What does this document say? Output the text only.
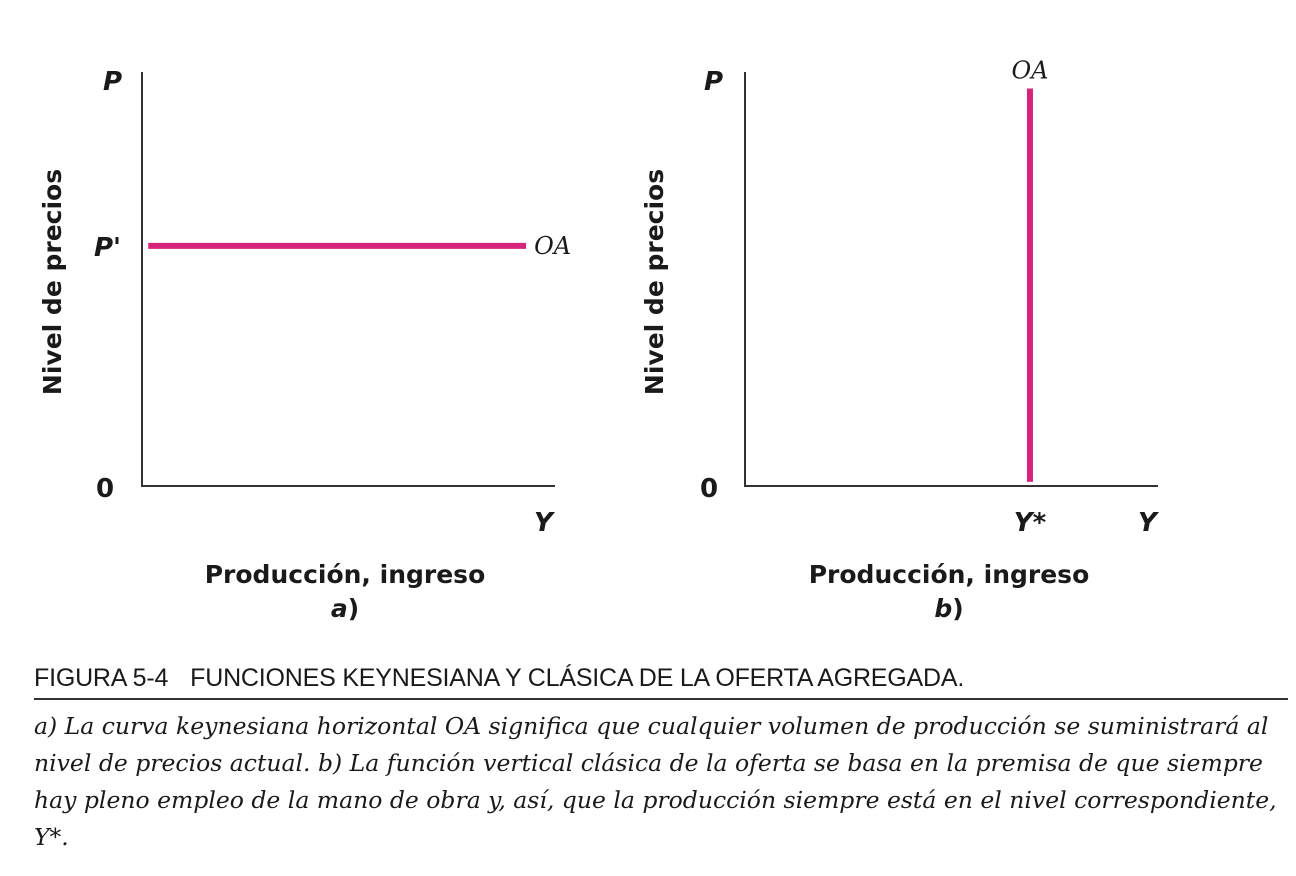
P
0
Y
Nivel de precios
Producción, ingreso
a)
P'	OA
P
0
Y
Nivel de precios
Producción, ingreso
b)
Y*
OA
FIGURA 5-4 FUNCIONES KEYNESIANA Y CLÁSICA DE LA OFERTA AGREGADA.
a) La curva keynesiana horizontal OA significa que cualquier volumen de producción se suministrará al nivel de precios actual. b) La función vertical clásica de la oferta se basa en la premisa de que siempre hay pleno empleo de la mano de obra y, así, que la producción siempre está en el nivel correspondiente, Y*.
